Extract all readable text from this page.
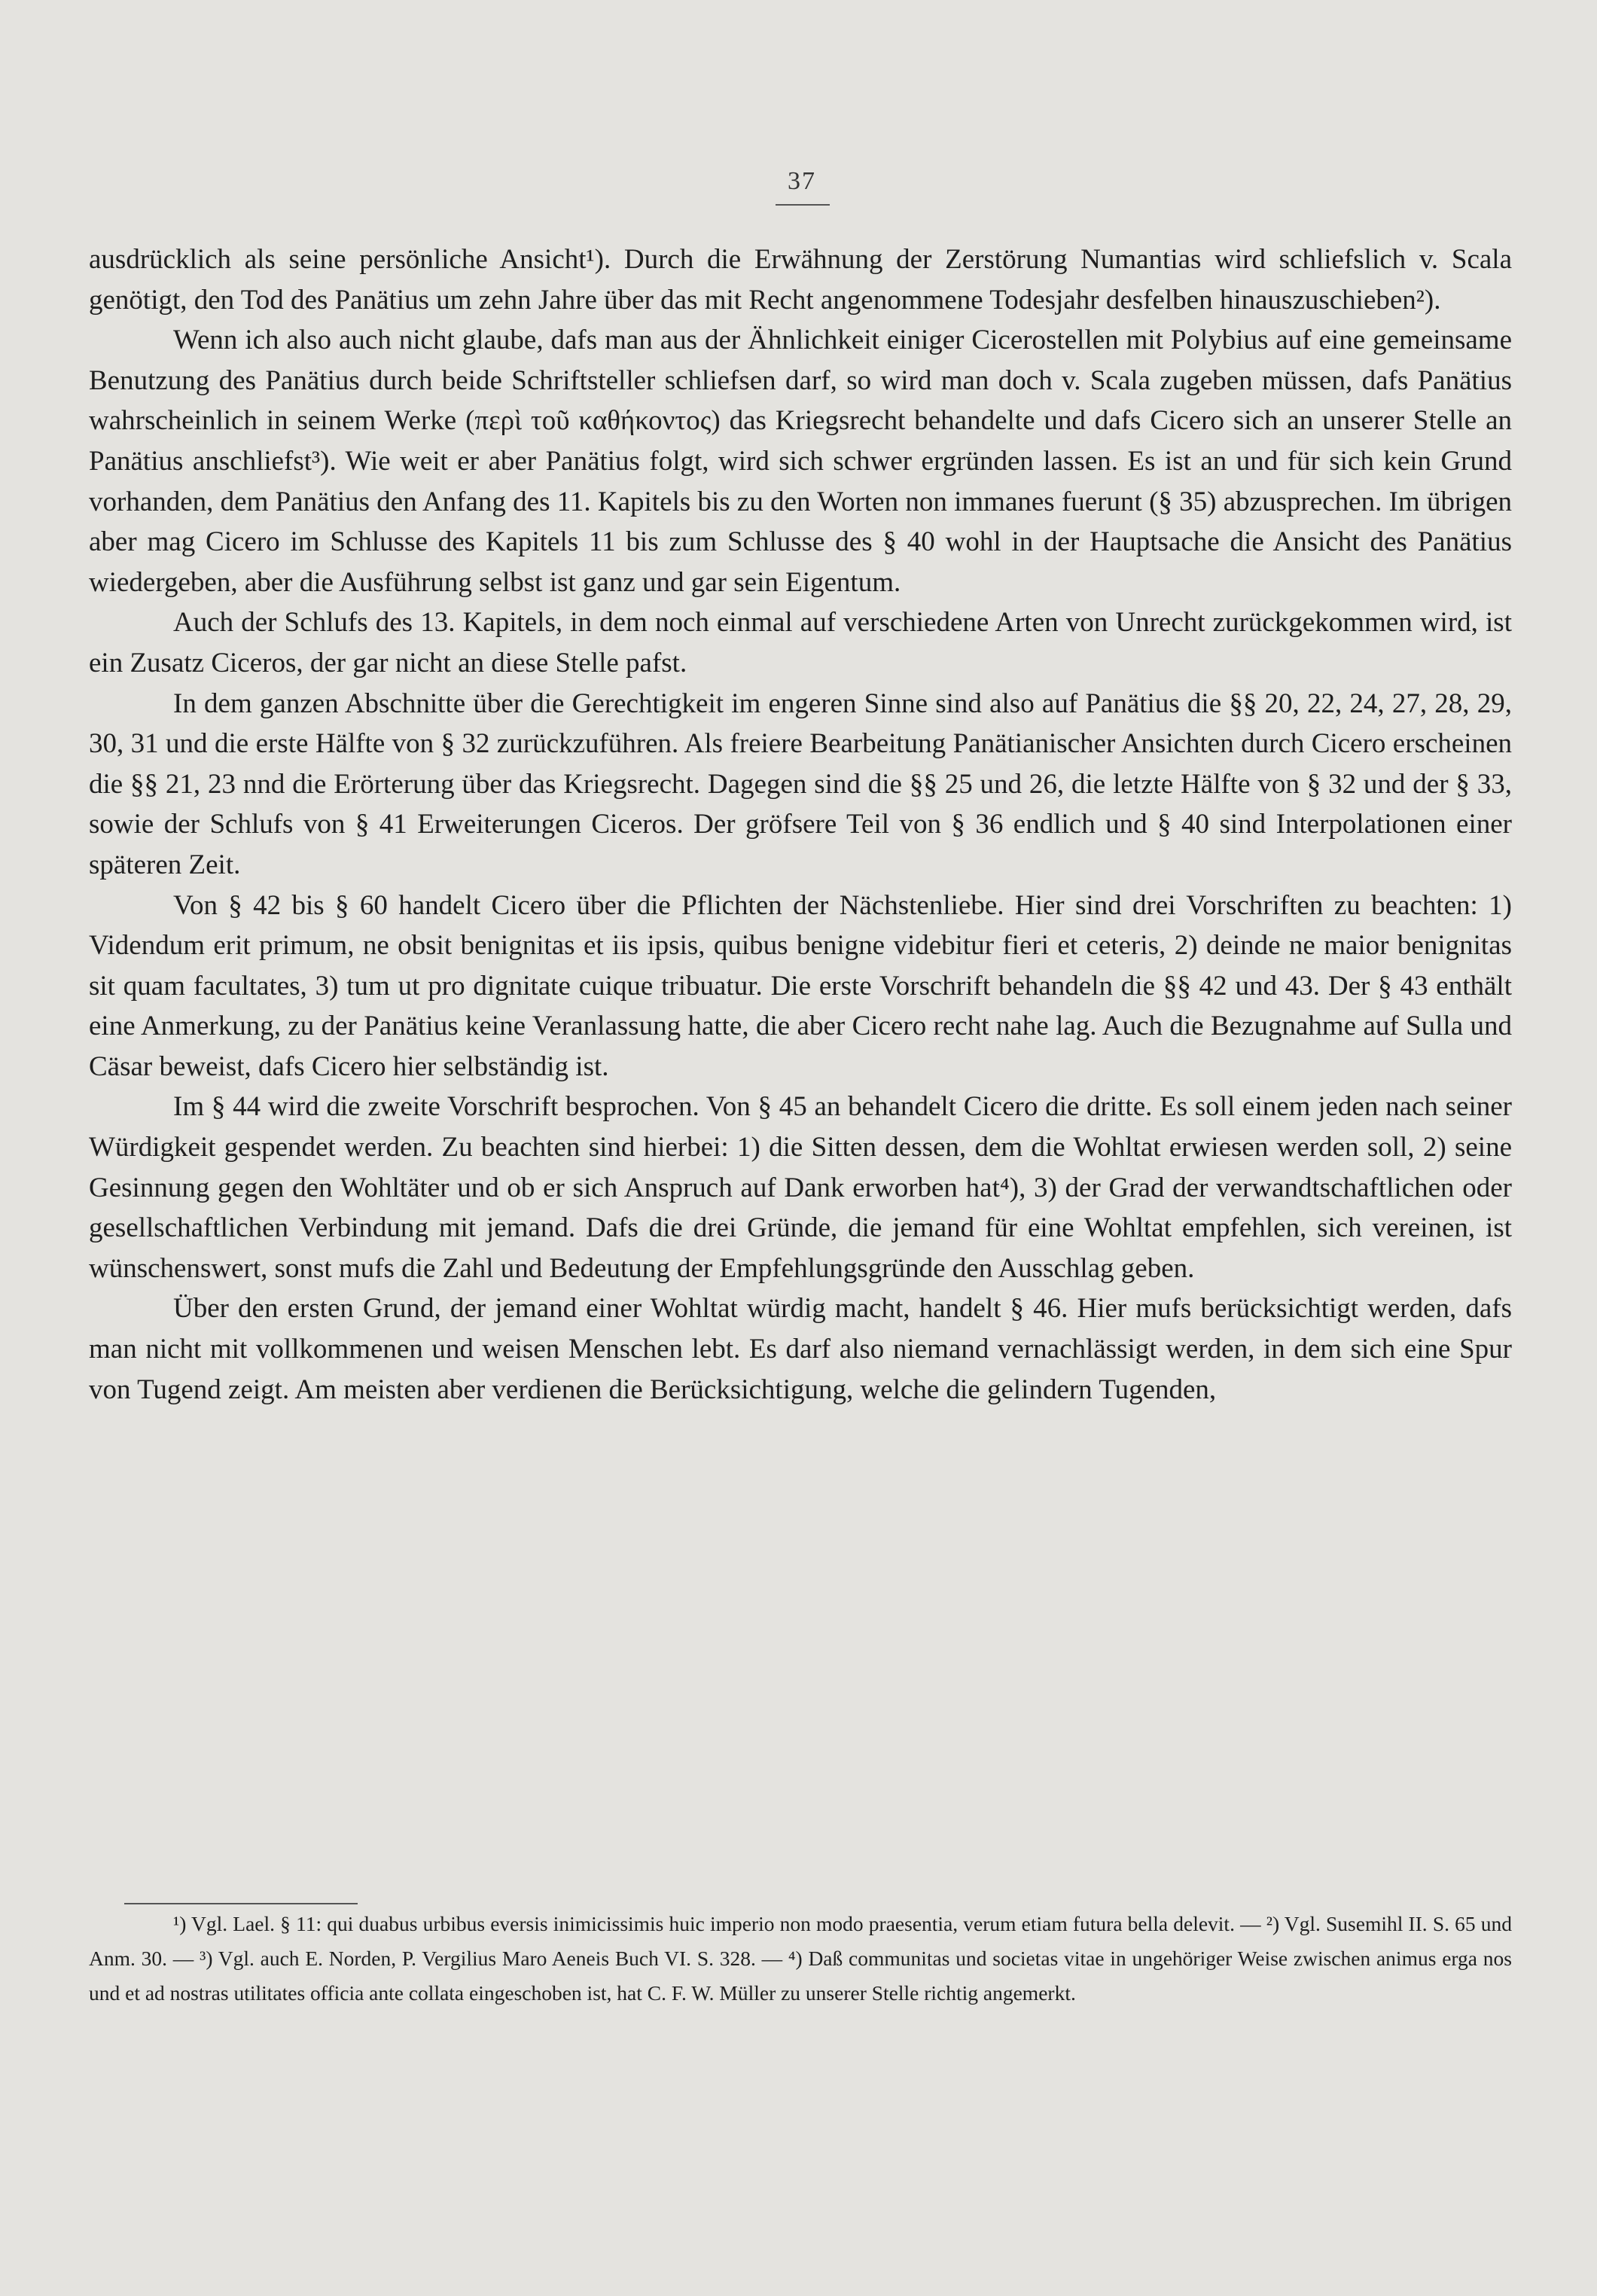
37

ausdrücklich als seine persönliche Ansicht¹). Durch die Erwähnung der Zerstörung Numantias wird schliefslich v. Scala genötigt, den Tod des Panätius um zehn Jahre über das mit Recht angenommene Todesjahr desfelben hinauszuschieben²).

Wenn ich also auch nicht glaube, dafs man aus der Ähnlichkeit einiger Cicerostellen mit Polybius auf eine gemeinsame Benutzung des Panätius durch beide Schriftsteller schliefsen darf, so wird man doch v. Scala zugeben müssen, dafs Panätius wahrscheinlich in seinem Werke (περὶ τοῦ καθήκοντος) das Kriegsrecht behandelte und dafs Cicero sich an unserer Stelle an Panätius anschliefst³). Wie weit er aber Panätius folgt, wird sich schwer ergründen lassen. Es ist an und für sich kein Grund vorhanden, dem Panätius den Anfang des 11. Kapitels bis zu den Worten non immanes fuerunt (§ 35) abzusprechen. Im übrigen aber mag Cicero im Schlusse des Kapitels 11 bis zum Schlusse des § 40 wohl in der Hauptsache die Ansicht des Panätius wiedergeben, aber die Ausführung selbst ist ganz und gar sein Eigentum.

Auch der Schlufs des 13. Kapitels, in dem noch einmal auf verschiedene Arten von Unrecht zurückgekommen wird, ist ein Zusatz Ciceros, der gar nicht an diese Stelle pafst.

In dem ganzen Abschnitte über die Gerechtigkeit im engeren Sinne sind also auf Panätius die §§ 20, 22, 24, 27, 28, 29, 30, 31 und die erste Hälfte von § 32 zurückzuführen. Als freiere Bearbeitung Panätianischer Ansichten durch Cicero erscheinen die §§ 21, 23 nnd die Erörterung über das Kriegsrecht. Dagegen sind die §§ 25 und 26, die letzte Hälfte von § 32 und der § 33, sowie der Schlufs von § 41 Erweiterungen Ciceros. Der gröfsere Teil von § 36 endlich und § 40 sind Interpolationen einer späteren Zeit.

Von § 42 bis § 60 handelt Cicero über die Pflichten der Nächstenliebe. Hier sind drei Vorschriften zu beachten: 1) Videndum erit primum, ne obsit benignitas et iis ipsis, quibus benigne videbitur fieri et ceteris, 2) deinde ne maior benignitas sit quam facultates, 3) tum ut pro dignitate cuique tribuatur. Die erste Vorschrift behandeln die §§ 42 und 43. Der § 43 enthält eine Anmerkung, zu der Panätius keine Veranlassung hatte, die aber Cicero recht nahe lag. Auch die Bezugnahme auf Sulla und Cäsar beweist, dafs Cicero hier selbständig ist.

Im § 44 wird die zweite Vorschrift besprochen. Von § 45 an behandelt Cicero die dritte. Es soll einem jeden nach seiner Würdigkeit gespendet werden. Zu beachten sind hierbei: 1) die Sitten dessen, dem die Wohltat erwiesen werden soll, 2) seine Gesinnung gegen den Wohltäter und ob er sich Anspruch auf Dank erworben hat⁴), 3) der Grad der verwandtschaftlichen oder gesellschaftlichen Verbindung mit jemand. Dafs die drei Gründe, die jemand für eine Wohltat empfehlen, sich vereinen, ist wünschenswert, sonst mufs die Zahl und Bedeutung der Empfehlungsgründe den Ausschlag geben.

Über den ersten Grund, der jemand einer Wohltat würdig macht, handelt § 46. Hier mufs berücksichtigt werden, dafs man nicht mit vollkommenen und weisen Menschen lebt. Es darf also niemand vernachlässigt werden, in dem sich eine Spur von Tugend zeigt. Am meisten aber verdienen die Berücksichtigung, welche die gelindern Tugenden,

¹) Vgl. Lael. § 11: qui duabus urbibus eversis inimicissimis huic imperio non modo praesentia, verum etiam futura bella delevit. — ²) Vgl. Susemihl II. S. 65 und Anm. 30. — ³) Vgl. auch E. Norden, P. Vergilius Maro Aeneis Buch VI. S. 328. — ⁴) Daß communitas und societas vitae in ungehöriger Weise zwischen animus erga nos und et ad nostras utilitates officia ante collata eingeschoben ist, hat C. F. W. Müller zu unserer Stelle richtig angemerkt.
